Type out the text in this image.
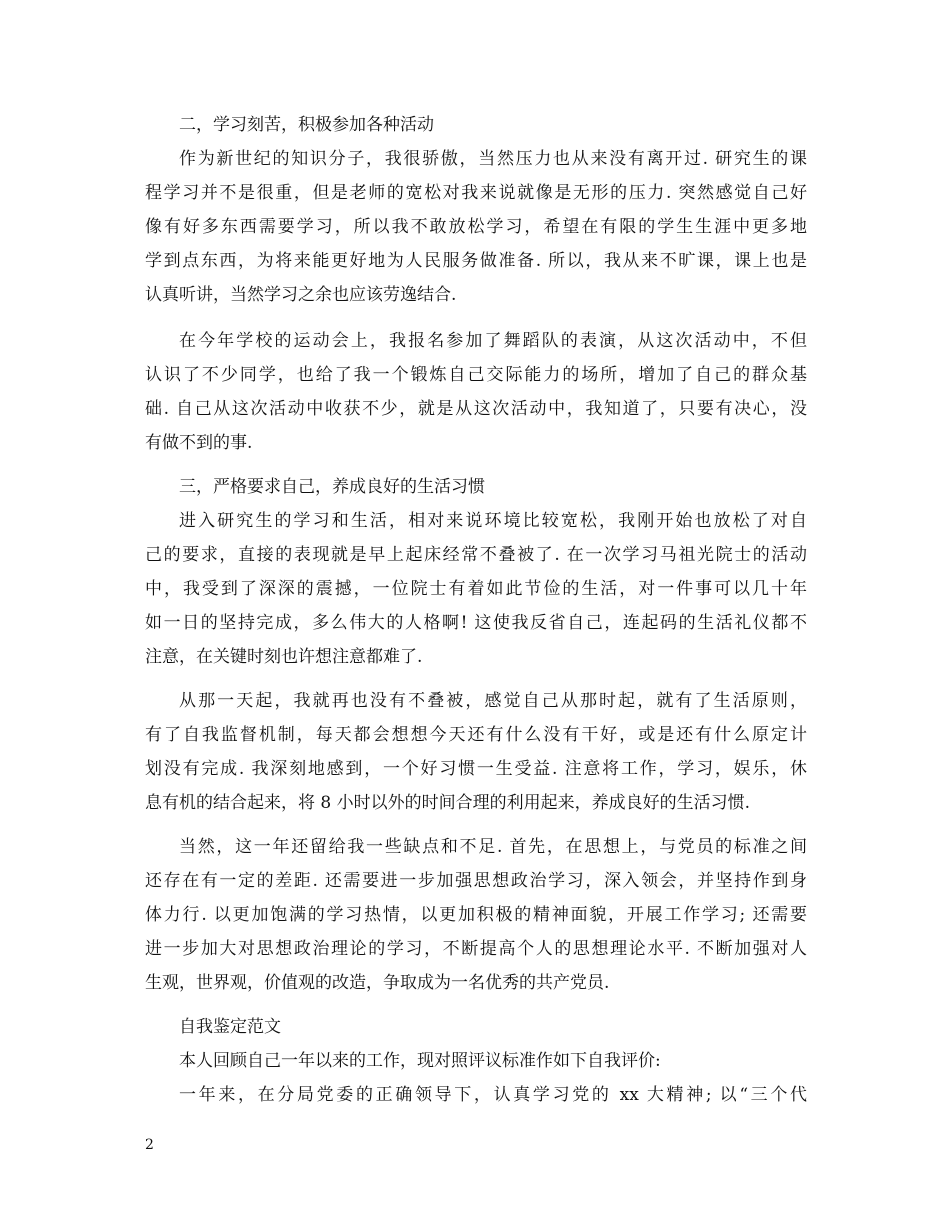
二，学习刻苦，积极参加各种活动
作为新世纪的知识分子，我很骄傲，当然压力也从来没有离开过. 研究生的课
程学习并不是很重，但是老师的宽松对我来说就像是无形的压力. 突然感觉自己好
像有好多东西需要学习，所以我不敢放松学习，希望在有限的学生生涯中更多地
学到点东西，为将来能更好地为人民服务做准备. 所以，我从来不旷课，课上也是
认真听讲，当然学习之余也应该劳逸结合.
在今年学校的运动会上，我报名参加了舞蹈队的表演，从这次活动中，不但
认识了不少同学，也给了我一个锻炼自己交际能力的场所，增加了自己的群众基
础. 自己从这次活动中收获不少，就是从这次活动中，我知道了，只要有决心，没
有做不到的事.
三，严格要求自己，养成良好的生活习惯
进入研究生的学习和生活，相对来说环境比较宽松，我刚开始也放松了对自
己的要求，直接的表现就是早上起床经常不叠被了. 在一次学习马祖光院士的活动
中，我受到了深深的震撼，一位院士有着如此节俭的生活，对一件事可以几十年
如一日的坚持完成，多么伟大的人格啊! 这使我反省自己，连起码的生活礼仪都不
注意，在关键时刻也许想注意都难了.
从那一天起，我就再也没有不叠被，感觉自己从那时起，就有了生活原则，
有了自我监督机制，每天都会想想今天还有什么没有干好，或是还有什么原定计
划没有完成. 我深刻地感到，一个好习惯一生受益. 注意将工作，学习，娱乐，休
息有机的结合起来，将 8 小时以外的时间合理的利用起来，养成良好的生活习惯.
当然，这一年还留给我一些缺点和不足. 首先，在思想上，与党员的标准之间
还存在有一定的差距. 还需要进一步加强思想政治学习，深入领会，并坚持作到身
体力行. 以更加饱满的学习热情，以更加积极的精神面貌，开展工作学习; 还需要
进一步加大对思想政治理论的学习，不断提高个人的思想理论水平. 不断加强对人
生观，世界观，价值观的改造，争取成为一名优秀的共产党员.
自我鉴定范文
本人回顾自己一年以来的工作，现对照评议标准作如下自我评价:
一年来，在分局党委的正确领导下，认真学习党的 xx 大精神; 以“三个代
2
